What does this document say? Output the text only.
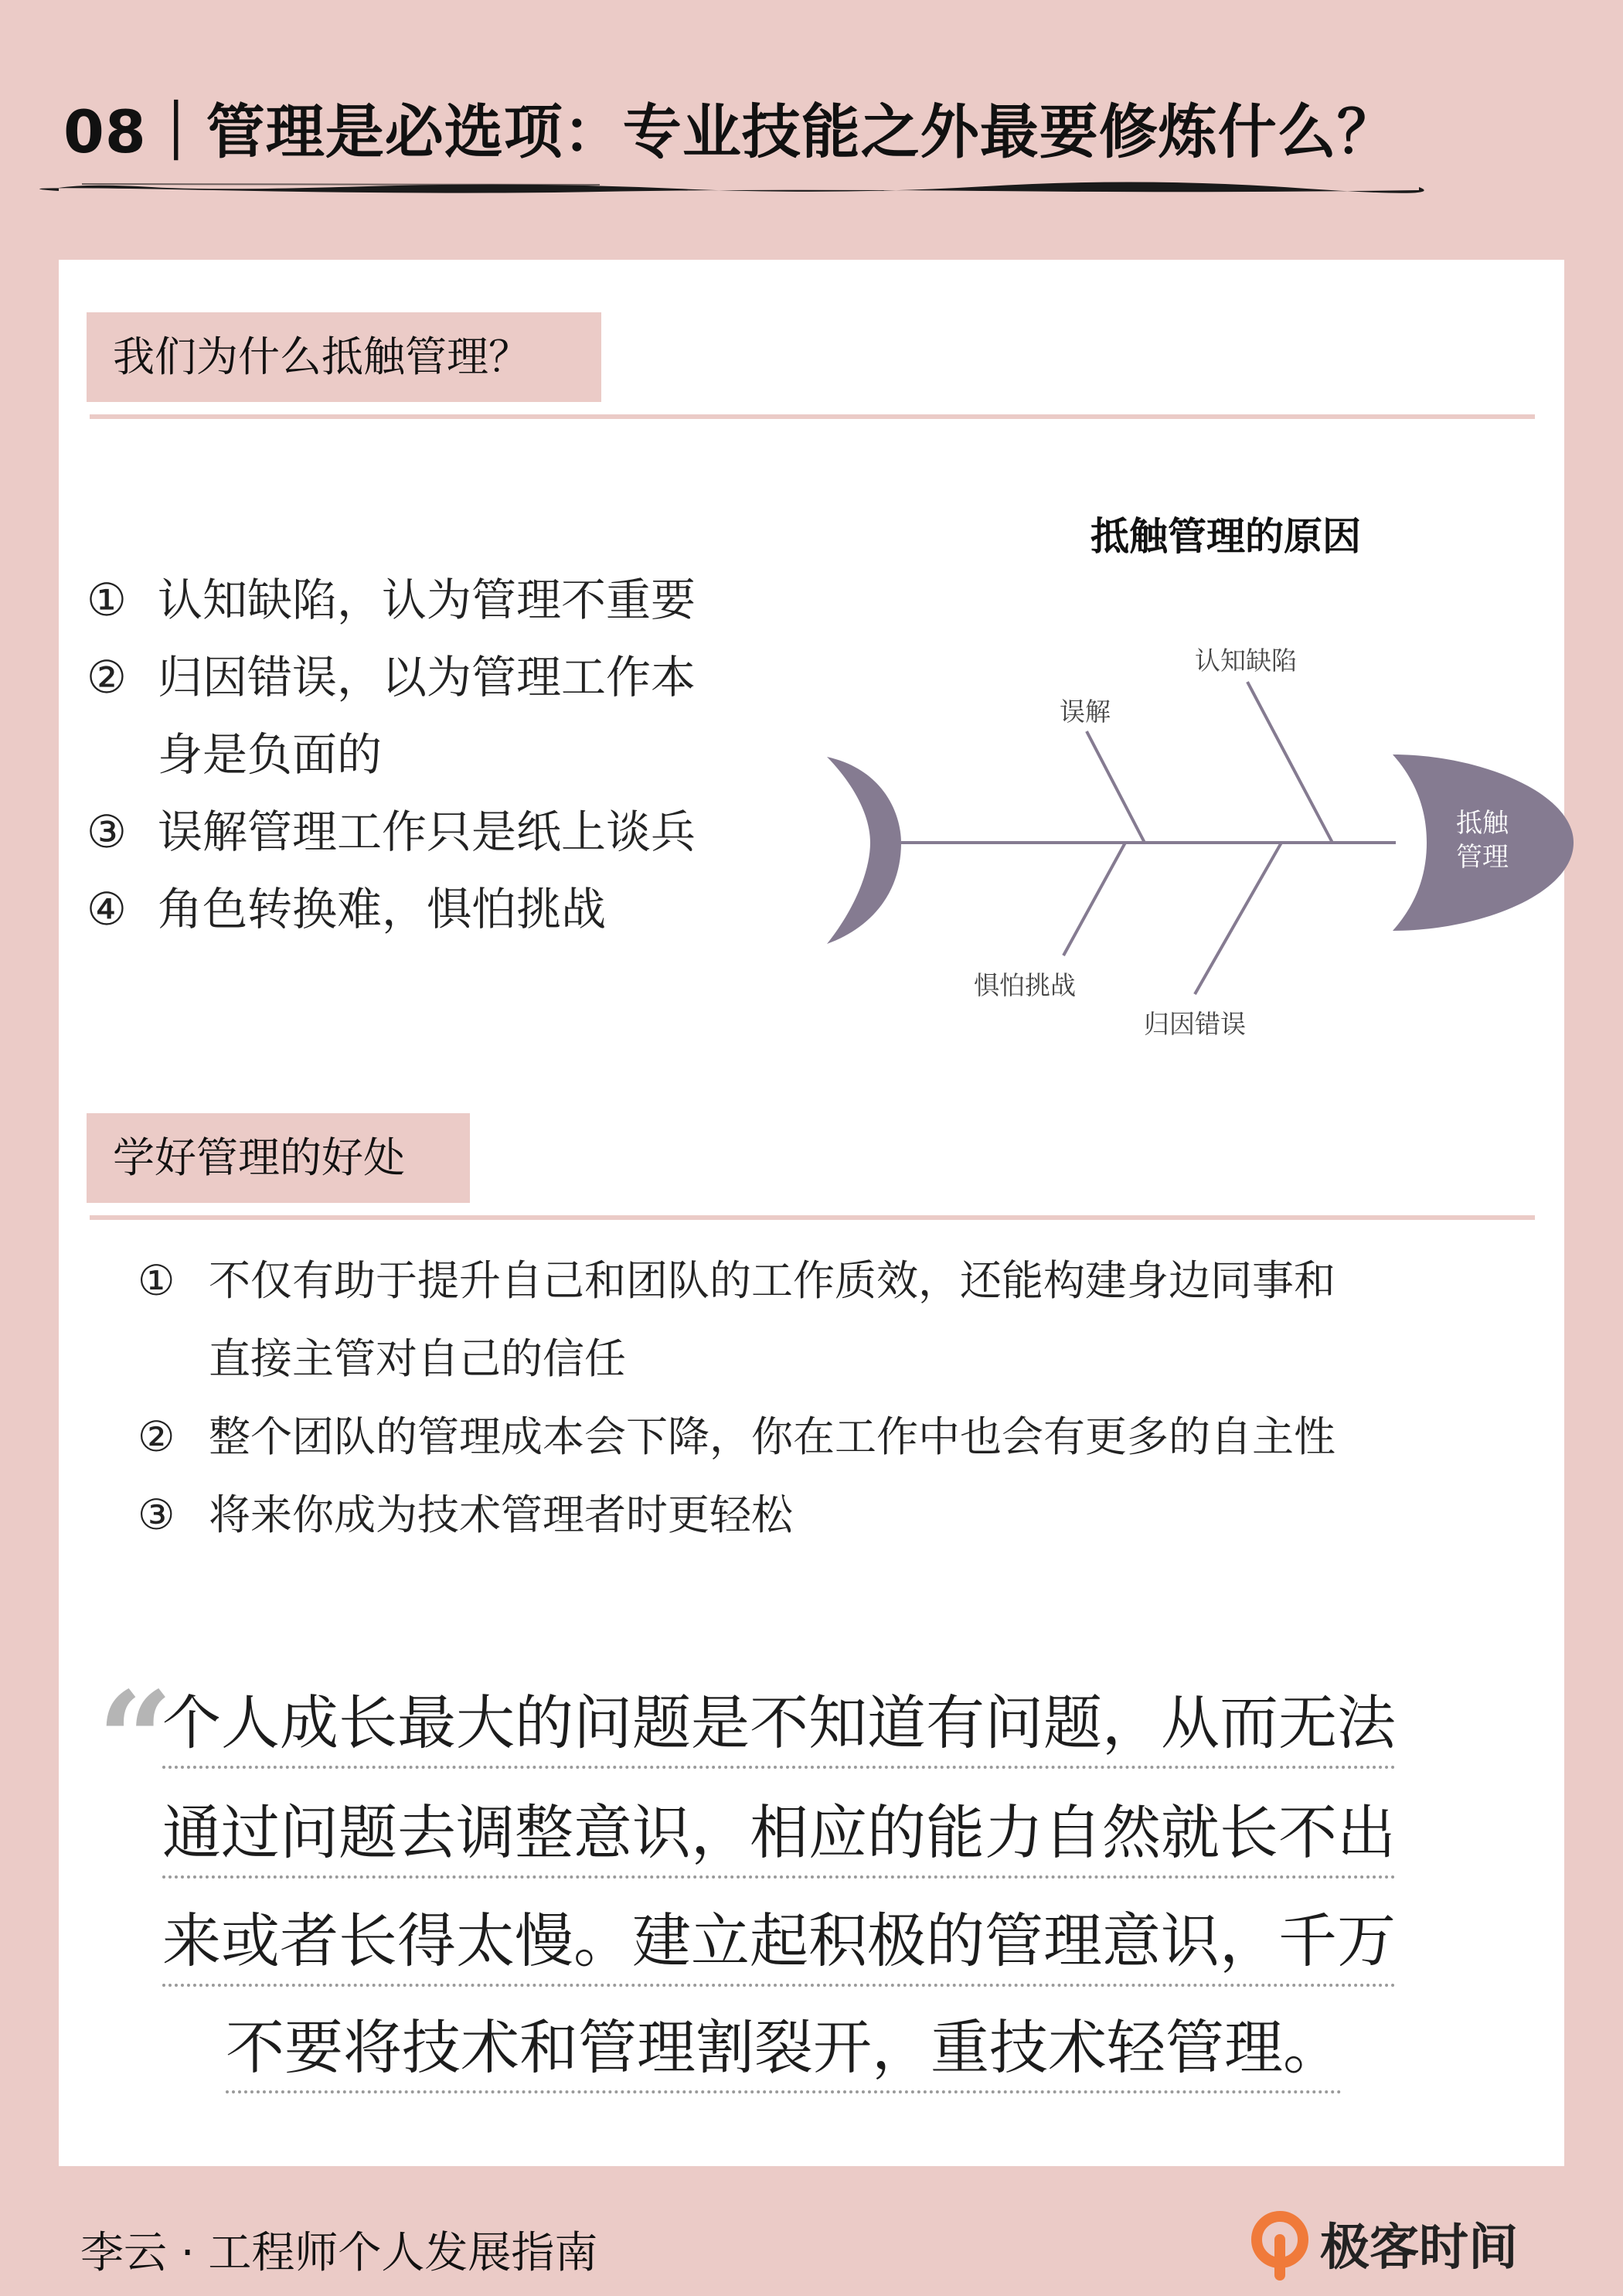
08｜管理是必选项：专业技能之外最要修炼什么？
我们为什么抵触管理？
① 认知缺陷，认为管理不重要
② 归因错误，以为管理工作本
身是负面的
③ 误解管理工作只是纸上谈兵
④ 角色转换难，惧怕挑战
抵触管理的原因
抵触
管理
误解
认知缺陷
惧怕挑战
归因错误
学好管理的好处
① 不仅有助于提升自己和团队的工作质效，还能构建身边同事和
直接主管对自己的信任
② 整个团队的管理成本会下降，你在工作中也会有更多的自主性
③ 将来你成为技术管理者时更轻松
“
个人成长最大的问题是不知道有问题，从而无法
通过问题去调整意识，相应的能力自然就长不出
来或者长得太慢。建立起积极的管理意识，千万
不要将技术和管理割裂开，重技术轻管理。
李云 · 工程师个人发展指南	极客时间
